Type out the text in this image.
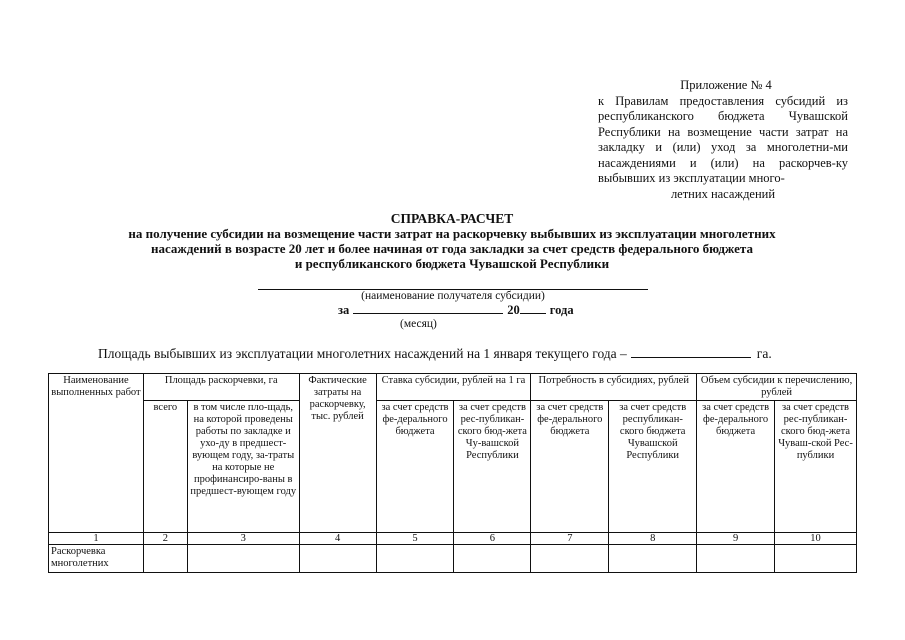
Приложение № 4
к Правилам предоставления субсидий из республиканского бюджета Чувашской Республики на возмещение части затрат на закладку и (или) уход за многолетни-ми насаждениями и (или) на раскорчев-ку выбывших из эксплуатации много-
летних насаждений
СПРАВКА-РАСЧЕТ
на получение субсидии на возмещение части затрат на раскорчевку выбывших из эксплуатации многолетних
насаждений в возрасте 20 лет и более начиная от года закладки за счет средств федерального бюджета
и республиканского бюджета Чувашской Республики
(наименование получателя субсидии)
за	20 года
(месяц)
Площадь выбывших из эксплуатации многолетних насаждений на 1 января текущего года –	га.
Наименование выполненных работ	Площадь раскорчевки, га		Фактические затраты на раскорчевку, тыс. рублей	Ставка субсидии, рублей на 1 га		Потребность в субсидиях, рублей		Объем субсидии к перечислению, рублей	
	всего	в том числе пло-щадь, на которой проведены работы по закладке и ухо-ду в предшест-вующем году, за-траты на которые не профинансиро-ваны в предшест-вующем году		за счет средств фе-дерального бюджета	за счет средств рес-публикан-ского бюд-жета Чу-вашской Республики	за счет средств фе-дерального бюджета	за счет средств республикан-ского бюджета Чувашской Республики	за счет средств фе-дерального бюджета	за счет средств рес-публикан-ского бюд-жета Чуваш-ской Рес-публики
1	2	3	4	5	6	7	8	9	10
Раскорчевка многолетних									
